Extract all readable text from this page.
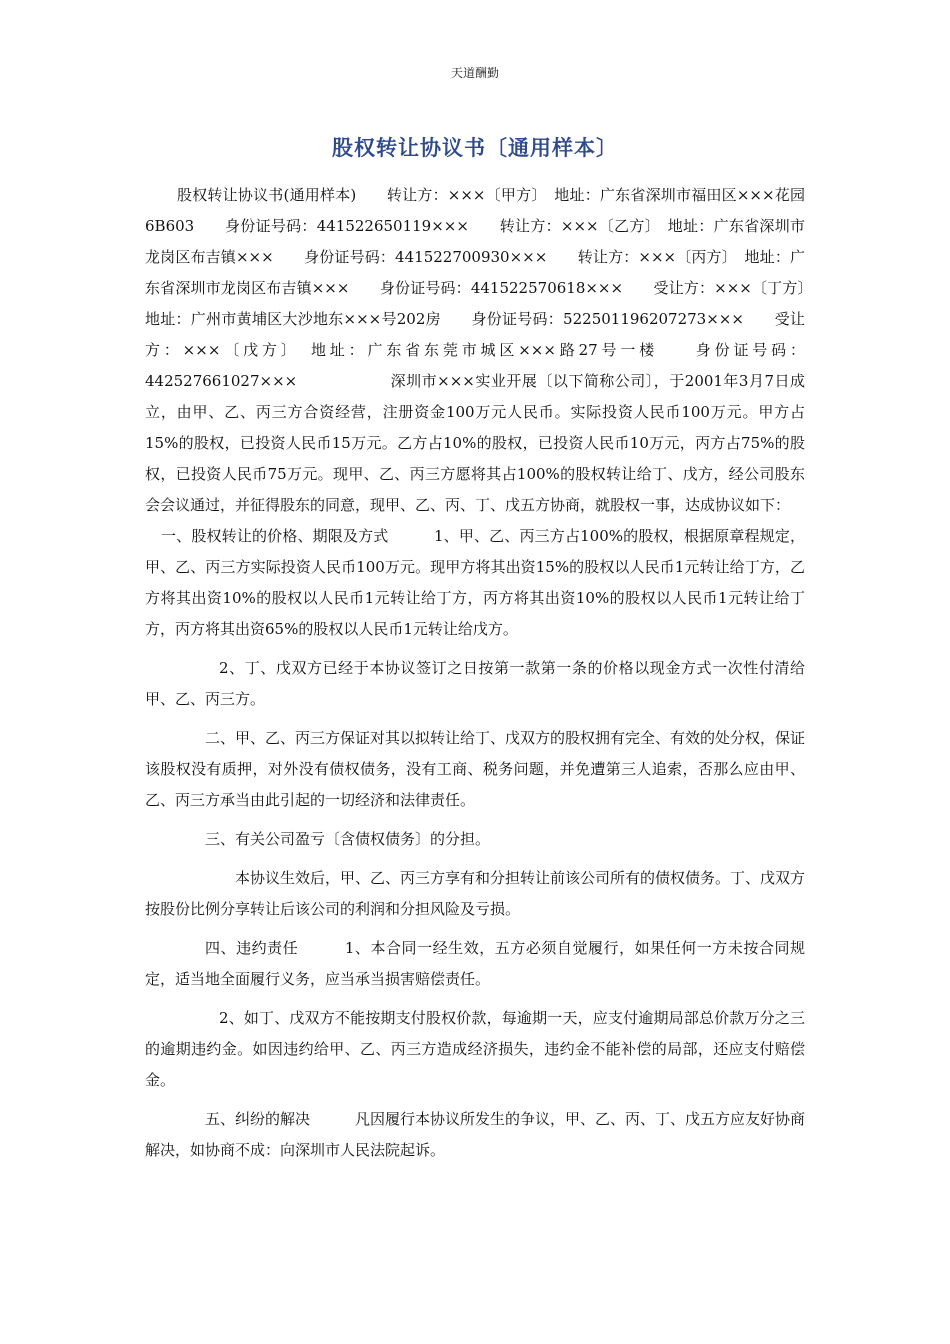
天道酬勤
股权转让协议书〔通用样本〕

股权转让协议书(通用样本)　　转让方：×××〔甲方〕　地址：广东省深圳市福田区×××花园6B603　　身份证号码：441522650119×××　　转让方：×××〔乙方〕　地址：广东省深圳市龙岗区布吉镇×××　　身份证号码：441522700930×××　　转让方：×××〔丙方〕　地址：广东省深圳市龙岗区布吉镇×××　　身份证号码：441522570618×××　　受让方：×××〔丁方〕　地址：广州市黄埔区大沙地东×××号202房　　身份证号码：522501196207273×××　　受让方：×××〔戊方〕　地址：广东省东莞市城区×××路27号一楼　　身份证号码：442527661027×××　　　　　　深圳市×××实业开展〔以下简称公司〕，于2001年3月7日成立，由甲、乙、丙三方合资经营，注册资金100万元人民币。实际投资人民币100万元。甲方占15%的股权，已投资人民币15万元。乙方占10%的股权，已投资人民币10万元，丙方占75%的股权，已投资人民币75万元。现甲、乙、丙三方愿将其占100%的股权转让给丁、戊方，经公司股东会会议通过，并征得股东的同意，现甲、乙、丙、丁、戊五方协商，就股权一事，达成协议如下：

一、股权转让的价格、期限及方式　　　1、甲、乙、丙三方占100%的股权，根据原章程规定，甲、乙、丙三方实际投资人民币100万元。现甲方将其出资15%的股权以人民币1元转让给丁方，乙方将其出资10%的股权以人民币1元转让给丁方，丙方将其出资10%的股权以人民币1元转让给丁方，丙方将其出资65%的股权以人民币1元转让给戊方。

2、丁、戊双方已经于本协议签订之日按第一款第一条的价格以现金方式一次性付清给甲、乙、丙三方。

二、甲、乙、丙三方保证对其以拟转让给丁、戊双方的股权拥有完全、有效的处分权，保证该股权没有质押，对外没有债权债务，没有工商、税务问题，并免遭第三人追索，否那么应由甲、乙、丙三方承当由此引起的一切经济和法律责任。

三、有关公司盈亏〔含债权债务〕的分担。

本协议生效后，甲、乙、丙三方享有和分担转让前该公司所有的债权债务。丁、戊双方按股份比例分享转让后该公司的利润和分担风险及亏损。

四、违约责任　　　1、本合同一经生效，五方必须自觉履行，如果任何一方未按合同规定，适当地全面履行义务，应当承当损害赔偿责任。

2、如丁、戊双方不能按期支付股权价款，每逾期一天，应支付逾期局部总价款万分之三的逾期违约金。如因违约给甲、乙、丙三方造成经济损失，违约金不能补偿的局部，还应支付赔偿金。

五、纠纷的解决　　　凡因履行本协议所发生的争议，甲、乙、丙、丁、戊五方应友好协商解决，如协商不成：向深圳市人民法院起诉。
